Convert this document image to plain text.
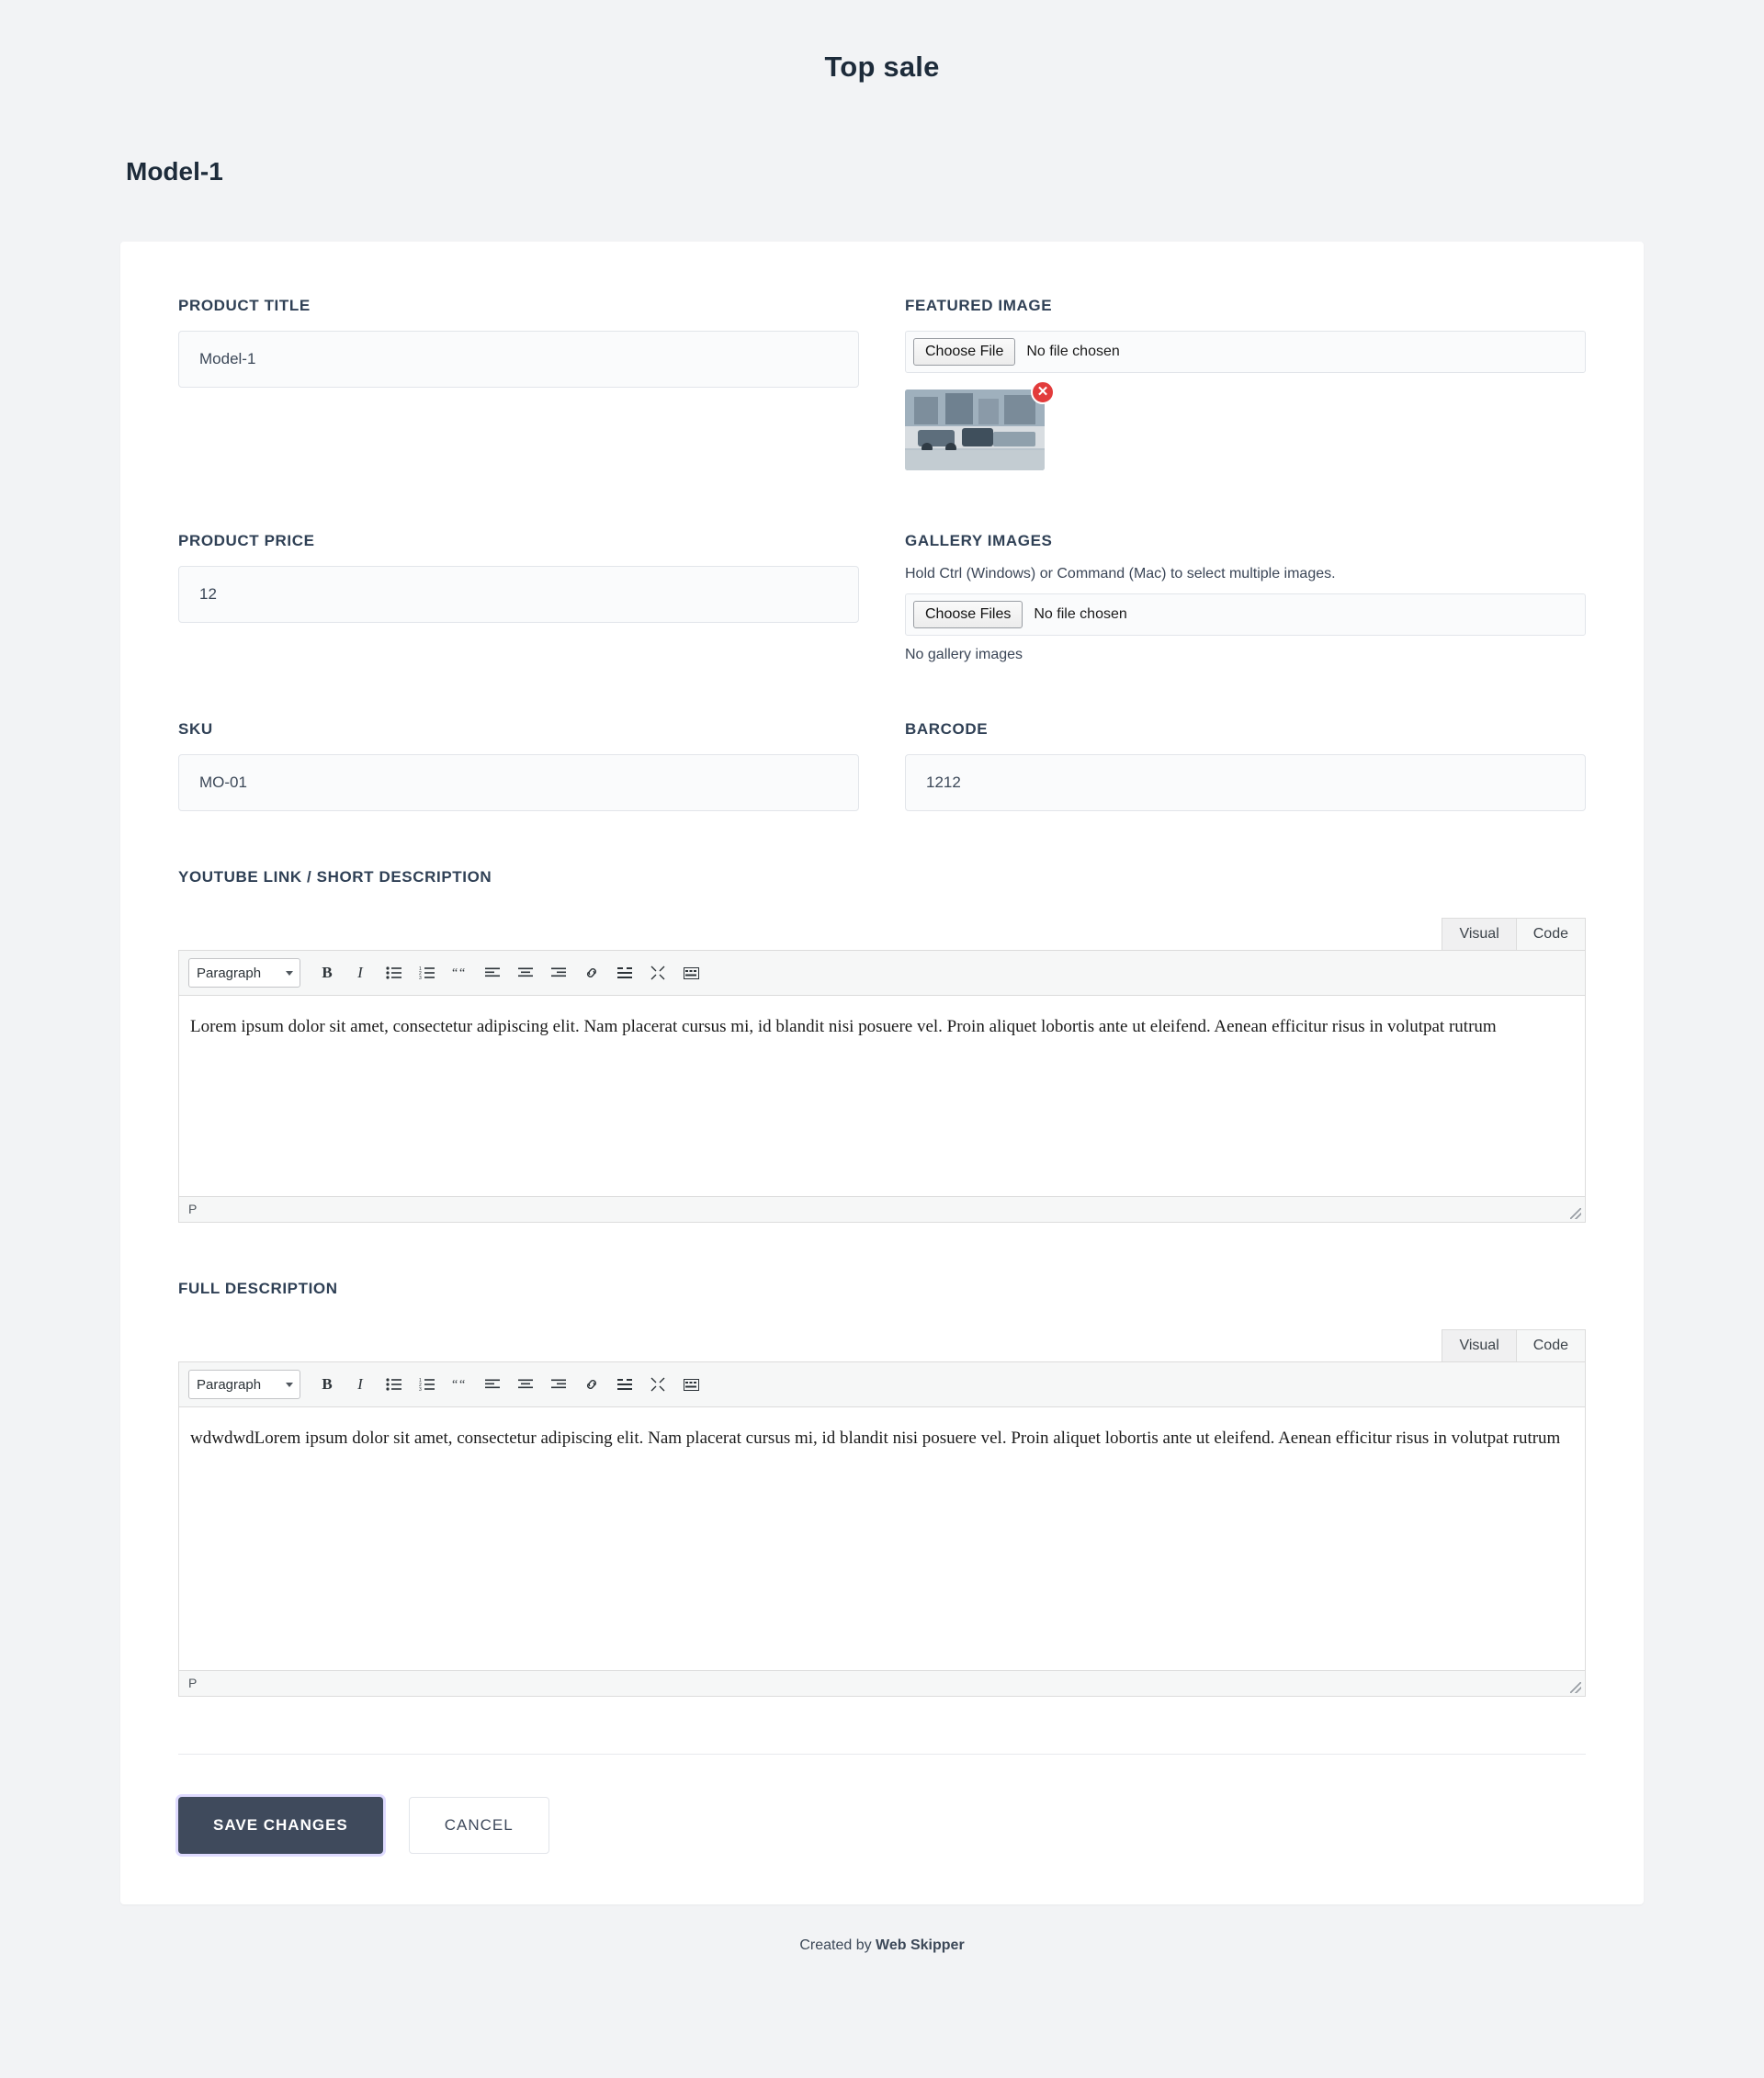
Top sale
Model-1
PRODUCT TITLE
Model-1	FEATURED IMAGE
Choose File	No file chosen
✕
PRODUCT PRICE
12	GALLERY IMAGES

Hold Ctrl (Windows) or Command (Mac) to select multiple images.

Choose Files	No file chosen

No gallery images

SKU
MO-01	BARCODE
1212
YOUTUBE LINK / SHORT DESCRIPTION
Visual	Code
Paragraph	B I	1
2
3 “ “
Lorem ipsum dolor sit amet, consectetur adipiscing elit. Nam placerat cursus mi, id blandit nisi posuere vel. Proin aliquet lobortis ante ut eleifend. Aenean efficitur risus in volutpat rutrum
P
FULL DESCRIPTION
Visual	Code
Paragraph	B I	1
2
3 “ “
wdwdwdLorem ipsum dolor sit amet, consectetur adipiscing elit. Nam placerat cursus mi, id blandit nisi posuere vel. Proin aliquet lobortis ante ut eleifend. Aenean efficitur risus in volutpat rutrum
P
SAVE CHANGES	CANCEL
Created by Web Skipper
